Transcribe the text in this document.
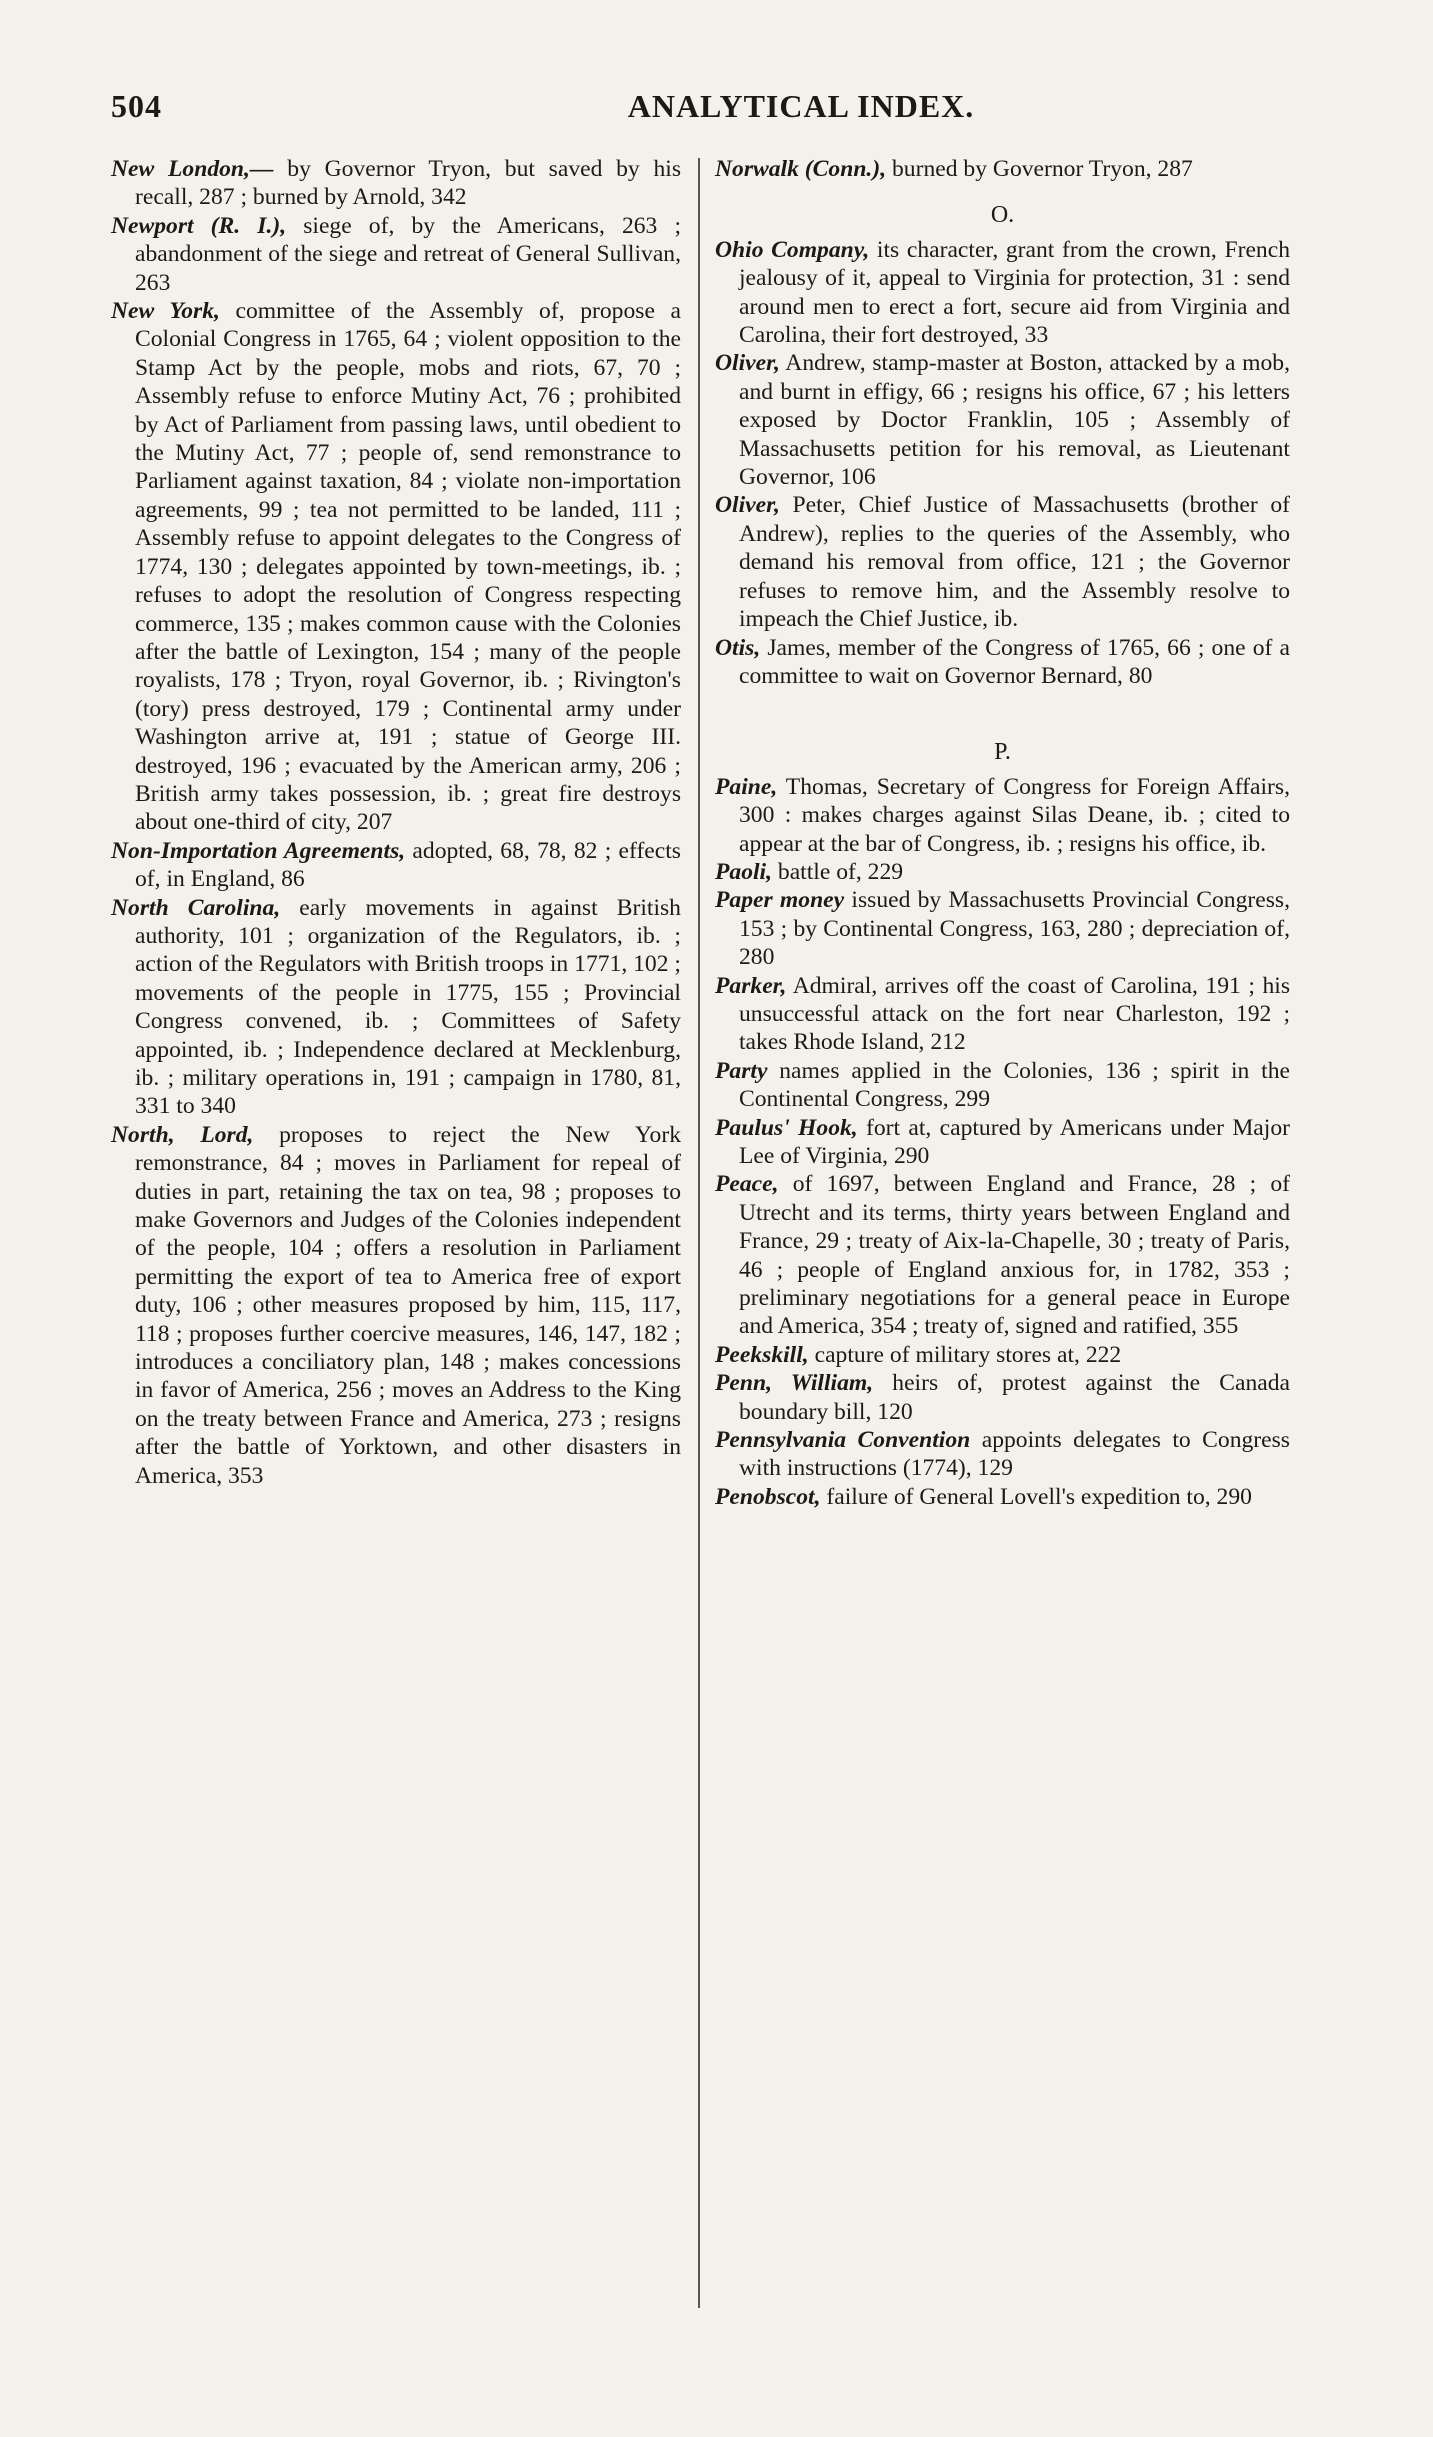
504	ANALYTICAL INDEX.
New London,— by Governor Tryon, but saved by his recall, 287 ; burned by Arnold, 342
Newport (R. I.), siege of, by the Americans, 263 ; abandonment of the siege and retreat of General Sullivan, 263
New York, committee of the Assembly of, propose a Colonial Congress in 1765, 64 ; violent opposition to the Stamp Act by the people, mobs and riots, 67, 70 ; Assembly refuse to enforce Mutiny Act, 76 ; prohibited by Act of Parliament from passing laws, until obedient to the Mutiny Act, 77 ; people of, send remonstrance to Parliament against taxation, 84 ; violate non-importation agreements, 99 ; tea not permitted to be landed, 111 ; Assembly refuse to appoint delegates to the Congress of 1774, 130 ; delegates appointed by town-meetings, ib. ; refuses to adopt the resolution of Congress respecting commerce, 135 ; makes common cause with the Colonies after the battle of Lexington, 154 ; many of the people royalists, 178 ; Tryon, royal Governor, ib. ; Rivington's (tory) press destroyed, 179 ; Continental army under Washington arrive at, 191 ; statue of George III. destroyed, 196 ; evacuated by the American army, 206 ; British army takes possession, ib. ; great fire destroys about one-third of city, 207
Non-Importation Agreements, adopted, 68, 78, 82 ; effects of, in England, 86
North Carolina, early movements in against British authority, 101 ; organization of the Regulators, ib. ; action of the Regulators with British troops in 1771, 102 ; movements of the people in 1775, 155 ; Provincial Congress convened, ib. ; Committees of Safety appointed, ib. ; Independence declared at Mecklenburg, ib. ; military operations in, 191 ; campaign in 1780, 81, 331 to 340
North, Lord, proposes to reject the New York remonstrance, 84 ; moves in Parliament for repeal of duties in part, retaining the tax on tea, 98 ; proposes to make Governors and Judges of the Colonies independent of the people, 104 ; offers a resolution in Parliament permitting the export of tea to America free of export duty, 106 ; other measures proposed by him, 115, 117, 118 ; proposes further coercive measures, 146, 147, 182 ; introduces a conciliatory plan, 148 ; makes concessions in favor of America, 256 ; moves an Address to the King on the treaty between France and America, 273 ; resigns after the battle of Yorktown, and other disasters in America, 353
Norwalk (Conn.), burned by Governor Tryon, 287
O.
Ohio Company, its character, grant from the crown, French jealousy of it, appeal to Virginia for protection, 31 : send around men to erect a fort, secure aid from Virginia and Carolina, their fort destroyed, 33
Oliver, Andrew, stamp-master at Boston, attacked by a mob, and burnt in effigy, 66 ; resigns his office, 67 ; his letters exposed by Doctor Franklin, 105 ; Assembly of Massachusetts petition for his removal, as Lieutenant Governor, 106
Oliver, Peter, Chief Justice of Massachusetts (brother of Andrew), replies to the queries of the Assembly, who demand his removal from office, 121 ; the Governor refuses to remove him, and the Assembly resolve to impeach the Chief Justice, ib.
Otis, James, member of the Congress of 1765, 66 ; one of a committee to wait on Governor Bernard, 80
P.
Paine, Thomas, Secretary of Congress for Foreign Affairs, 300 : makes charges against Silas Deane, ib. ; cited to appear at the bar of Congress, ib. ; resigns his office, ib.
Paoli, battle of, 229
Paper money issued by Massachusetts Provincial Congress, 153 ; by Continental Congress, 163, 280 ; depreciation of, 280
Parker, Admiral, arrives off the coast of Carolina, 191 ; his unsuccessful attack on the fort near Charleston, 192 ; takes Rhode Island, 212
Party names applied in the Colonies, 136 ; spirit in the Continental Congress, 299
Paulus' Hook, fort at, captured by Americans under Major Lee of Virginia, 290
Peace, of 1697, between England and France, 28 ; of Utrecht and its terms, thirty years between England and France, 29 ; treaty of Aix-la-Chapelle, 30 ; treaty of Paris, 46 ; people of England anxious for, in 1782, 353 ; preliminary negotiations for a general peace in Europe and America, 354 ; treaty of, signed and ratified, 355
Peekskill, capture of military stores at, 222
Penn, William, heirs of, protest against the Canada boundary bill, 120
Pennsylvania Convention appoints delegates to Congress with instructions (1774), 129
Penobscot, failure of General Lovell's expedition to, 290
